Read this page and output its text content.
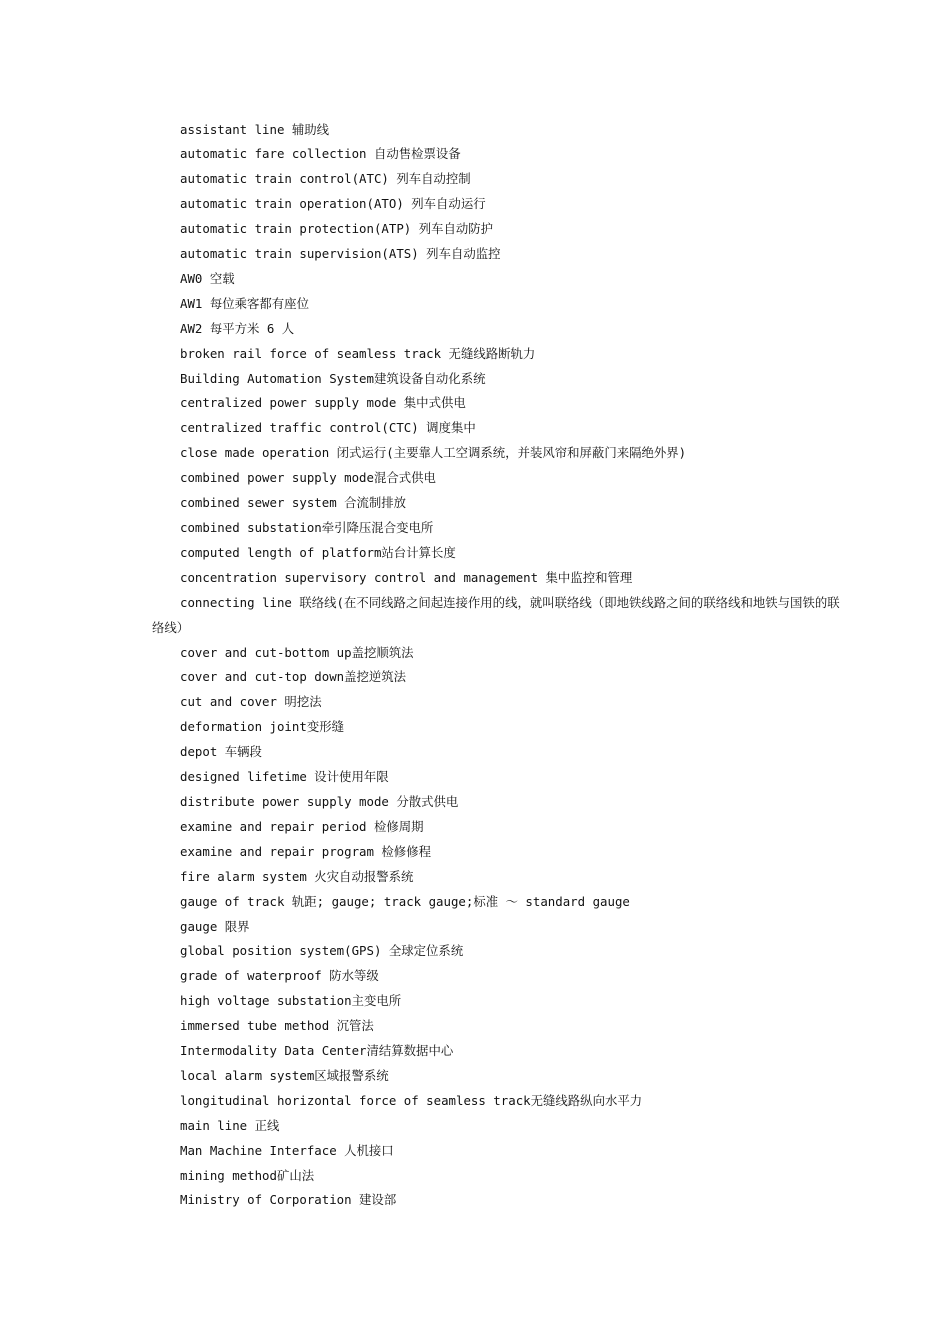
assistant line 辅助线

automatic fare collection 自动售检票设备

automatic train control(ATC) 列车自动控制

automatic train operation(ATO) 列车自动运行

automatic train protection(ATP) 列车自动防护

automatic train supervision(ATS) 列车自动监控

AW0 空载

AW1 每位乘客都有座位

AW2 每平方米 6 人

broken rail force of seamless track 无缝线路断轨力

Building Automation System建筑设备自动化系统

centralized power supply mode 集中式供电

centralized traffic control(CTC) 调度集中

close made operation 闭式运行(主要靠人工空调系统，并装风帘和屏蔽门来隔绝外界)

combined power supply mode混合式供电

combined sewer system 合流制排放

combined substation牵引降压混合变电所

computed length of platform站台计算长度

concentration supervisory control and management 集中监控和管理

connecting line 联络线(在不同线路之间起连接作用的线，就叫联络线（即地铁线路之间的联络线和地铁与国铁的联络线）

cover and cut-bottom up盖挖顺筑法

cover and cut-top down盖挖逆筑法

cut and cover 明挖法

deformation joint变形缝

depot 车辆段

designed lifetime 设计使用年限

distribute power supply mode 分散式供电

examine and repair period 检修周期

examine and repair program 检修修程

fire alarm system 火灾自动报警系统

gauge of track 轨距; gauge; track gauge;标准 ～ standard gauge

gauge 限界

global position system(GPS) 全球定位系统

grade of waterproof 防水等级

high voltage substation主变电所

immersed tube method 沉管法

Intermodality Data Center清结算数据中心

local alarm system区域报警系统

longitudinal horizontal force of seamless track无缝线路纵向水平力

main line 正线

Man Machine Interface 人机接口

mining method矿山法

Ministry of Corporation 建设部
